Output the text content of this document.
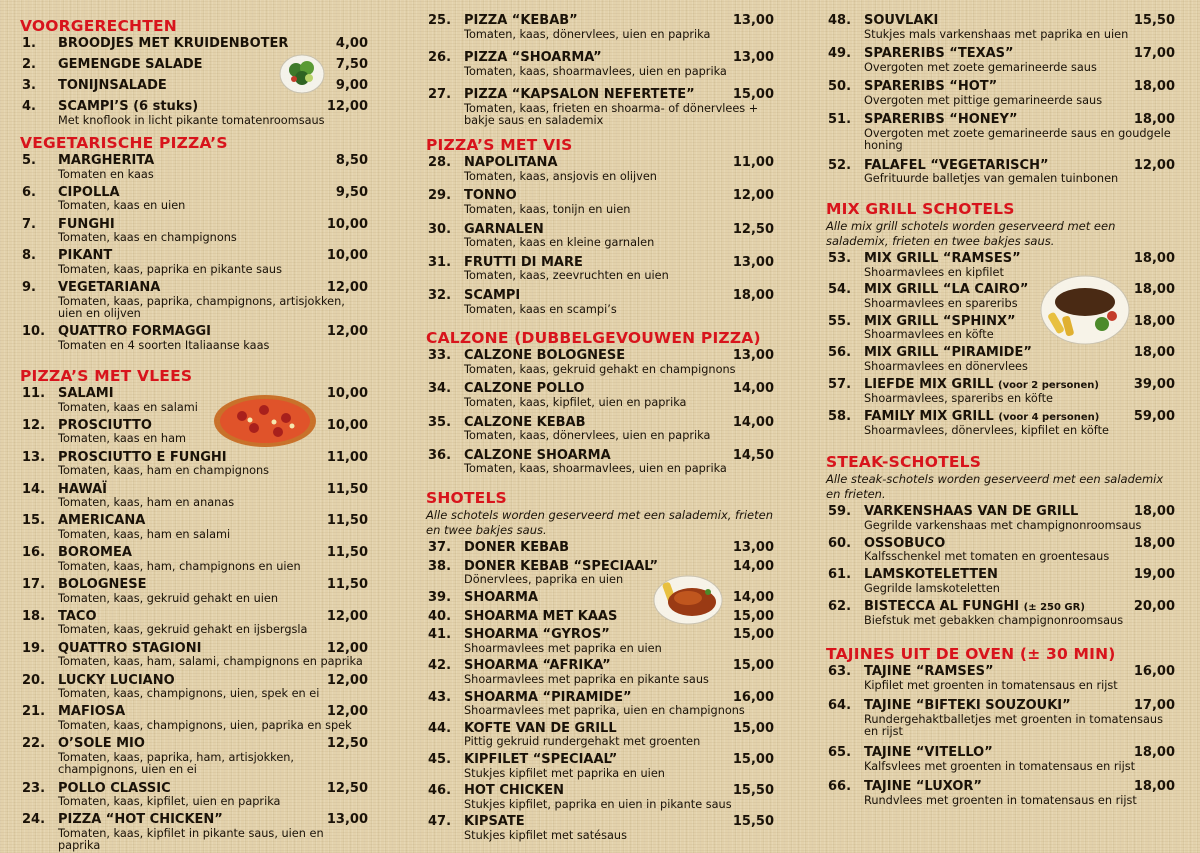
VOORGERECHTEN
1.	BROODJES MET KRUIDENBOTER	4,00
2.	GEMENGDE SALADE	7,50
3.	TONIJNSALADE	9,00
4.	SCAMPI’S (6 stuks)	12,00
Met knoflook in licht pikante tomatenroomsaus
VEGETARISCHE PIZZA’S
5.	MARGHERITA	8,50
Tomaten en kaas
6.	CIPOLLA	9,50
Tomaten, kaas en uien
7.	FUNGHI	10,00
Tomaten, kaas en champignons
8.	PIKANT	10,00
Tomaten, kaas, paprika en pikante saus
9.	VEGETARIANA	12,00
Tomaten, kaas, paprika, champignons, artisjokken, uien en olijven
10. QUATTRO FORMAGGI	12,00
Tomaten en 4 soorten Italiaanse kaas
PIZZA’S MET VLEES
11. SALAMI	10,00
Tomaten, kaas en salami
12. PROSCIUTTO	10,00
Tomaten, kaas en ham
13. PROSCIUTTO E FUNGHI	11,00
Tomaten, kaas, ham en champignons
14. HAWAÏ	11,50
Tomaten, kaas, ham en ananas
15. AMERICANA	11,50
Tomaten, kaas, ham en salami
16. BOROMEA	11,50
Tomaten, kaas, ham, champignons en uien
17. BOLOGNESE	11,50
Tomaten, kaas, gekruid gehakt en uien
18. TACO	12,00
Tomaten, kaas, gekruid gehakt en ijsbergsla
19. QUATTRO STAGIONI	12,00
Tomaten, kaas, ham, salami, champignons en paprika
20. LUCKY LUCIANO	12,00
Tomaten, kaas, champignons, uien, spek en ei
21. MAFIOSA	12,00
Tomaten, kaas, champignons, uien, paprika en spek
22. O’SOLE MIO	12,50
Tomaten, kaas, paprika, ham, artisjokken, champignons, uien en ei
23. POLLO CLASSIC	12,50
Tomaten, kaas, kipfilet, uien en paprika
24. PIZZA “HOT CHICKEN”	13,00
Tomaten, kaas, kipfilet in pikante saus, uien en paprika
25. PIZZA “KEBAB”	13,00
Tomaten, kaas, dönervlees, uien en paprika
26. PIZZA “SHOARMA”	13,00
Tomaten, kaas, shoarmavlees, uien en paprika
27. PIZZA “KAPSALON NEFERTETE”	15,00
Tomaten, kaas, frieten en shoarma- of dönervlees + bakje saus en salademix
PIZZA’S MET VIS
28. NAPOLITANA	11,00
Tomaten, kaas, ansjovis en olijven
29. TONNO	12,00
Tomaten, kaas, tonijn en uien
30. GARNALEN	12,50
Tomaten, kaas en kleine garnalen
31. FRUTTI DI MARE	13,00
Tomaten, kaas, zeevruchten en uien
32. SCAMPI	18,00
Tomaten, kaas en scampi’s
CALZONE (DUBBELGEVOUWEN PIZZA)
33. CALZONE BOLOGNESE	13,00
Tomaten, kaas, gekruid gehakt en champignons
34. CALZONE POLLO	14,00
Tomaten, kaas, kipfilet, uien en paprika
35. CALZONE KEBAB	14,00
Tomaten, kaas, dönervlees, uien en paprika
36. CALZONE SHOARMA	14,50
Tomaten, kaas, shoarmavlees, uien en paprika
SHOTELS
Alle schotels worden geserveerd met een salademix, frieten en twee bakjes saus.
37. DONER KEBAB	13,00
38. DONER KEBAB “SPECIAAL”	14,00
Dönervlees, paprika en uien
39. SHOARMA	14,00
40. SHOARMA MET KAAS	15,00
41. SHOARMA “GYROS”	15,00
Shoarmavlees met paprika en uien
42. SHOARMA “AFRIKA”	15,00
Shoarmavlees met paprika en pikante saus
43. SHOARMA “PIRAMIDE”	16,00
Shoarmavlees met paprika, uien en champignons
44. KOFTE VAN DE GRILL	15,00
Pittig gekruid rundergehakt met groenten
45. KIPFILET “SPECIAAL”	15,00
Stukjes kipfilet met paprika en uien
46. HOT CHICKEN	15,50
Stukjes kipfilet, paprika en uien in pikante saus
47. KIPSATE	15,50
Stukjes kipfilet met satésaus
48. SOUVLAKI	15,50
Stukjes mals varkenshaas met paprika en uien
49. SPARERIBS “TEXAS”	17,00
Overgoten met zoete gemarineerde saus
50. SPARERIBS “HOT”	18,00
Overgoten met pittige gemarineerde saus
51. SPARERIBS “HONEY”	18,00
Overgoten met zoete gemarineerde saus en goudgele honing
52. FALAFEL “VEGETARISCH”	12,00
Gefrituurde balletjes van gemalen tuinbonen
MIX GRILL SCHOTELS
Alle mix grill schotels worden geserveerd met een salademix, frieten en twee bakjes saus.
53. MIX GRILL “RAMSES”	18,00
Shoarmavlees en kipfilet
54. MIX GRILL “LA CAIRO”	18,00
Shoarmavlees en spareribs
55. MIX GRILL “SPHINX”	18,00
Shoarmavlees en köfte
56. MIX GRILL “PIRAMIDE”	18,00
Shoarmavlees en dönervlees
57. LIEFDE MIX GRILL (voor 2 personen)	39,00
Shoarmavlees, spareribs en köfte
58. FAMILY MIX GRILL (voor 4 personen)	59,00
Shoarmavlees, dönervlees, kipfilet en köfte
STEAK-SCHOTELS
Alle steak-schotels worden geserveerd met een salademix en frieten.
59. VARKENSHAAS VAN DE GRILL	18,00
Gegrilde varkenshaas met champignonroomsaus
60. OSSOBUCO	18,00
Kalfsschenkel met tomaten en groentesaus
61. LAMSKOTELETTEN	19,00
Gegrilde lamskoteletten
62. BISTECCA AL FUNGHI (± 250 GR)	20,00
Biefstuk met gebakken champignonroomsaus
TAJINES UIT DE OVEN (± 30 MIN)
63. TAJINE “RAMSES”	16,00
Kipfilet met groenten in tomatensaus en rijst
64. TAJINE “BIFTEKI SOUZOUKI”	17,00
Rundergehaktballetjes met groenten in tomatensaus en rijst
65. TAJINE “VITELLO”	18,00
Kalfsvlees met groenten in tomatensaus en rijst
66. TAJINE “LUXOR”	18,00
Rundvlees met groenten in tomatensaus en rijst
